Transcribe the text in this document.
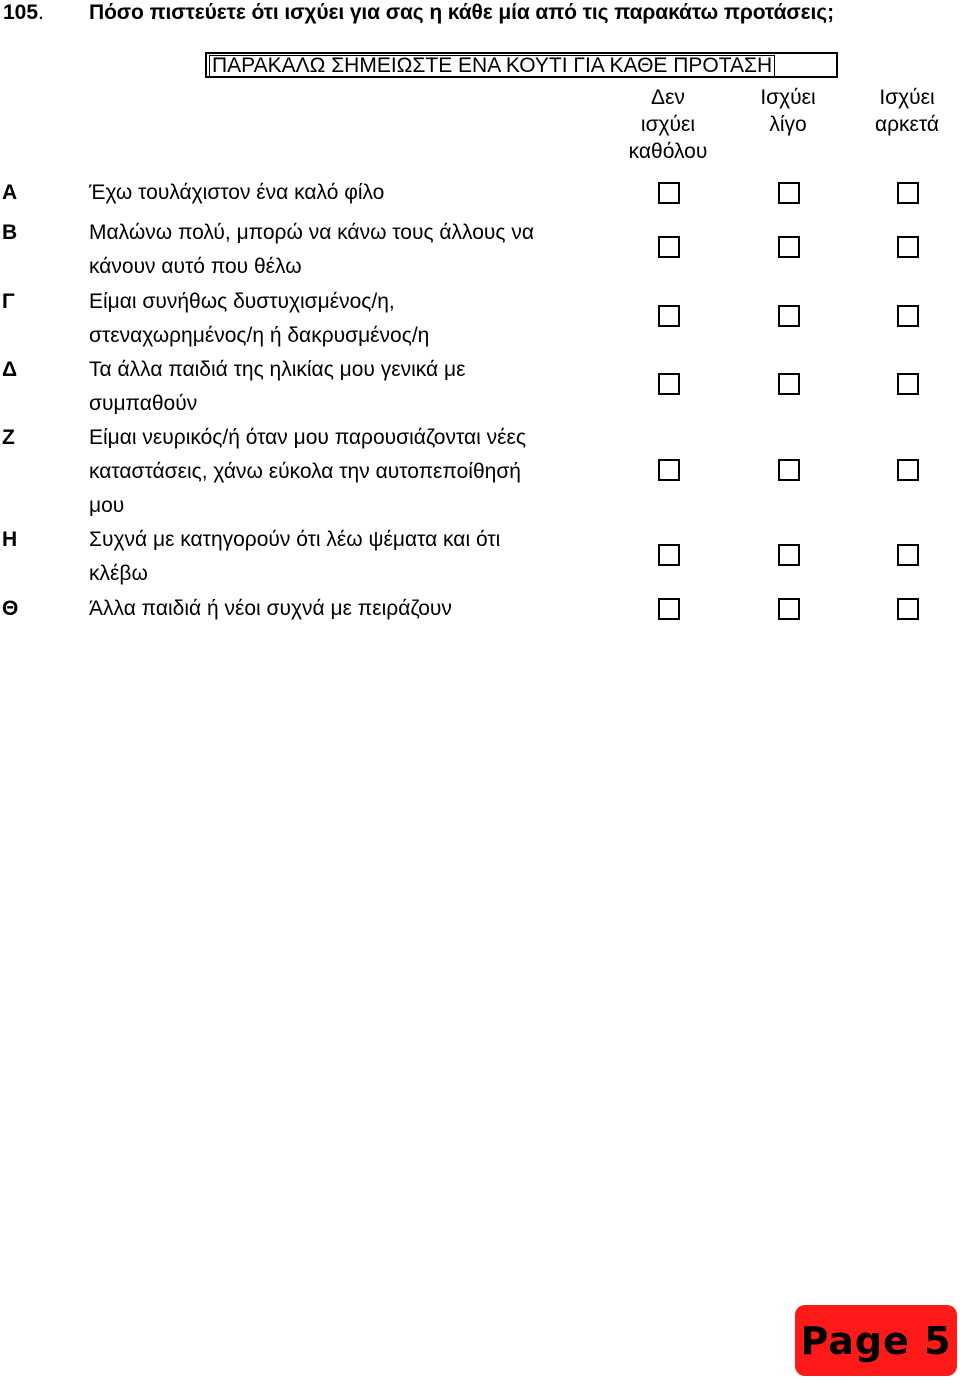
105. Πόσο πιστεύετε ότι ισχύει για σας η κάθε μία από τις παρακάτω προτάσεις;
ΠΑΡΑΚΑΛΩ ΣΗΜΕΙΩΣΤΕ ΕΝΑ ΚΟΥΤΙ ΓΙΑ ΚΑΘΕ ΠΡΟΤΑΣΗ
Δεν
ισχύει
καθόλου
Ισχύει
λίγο
Ισχύει
αρκετά
Α	Έχω τουλάχιστον ένα καλό φίλο
Β	Μαλώνω πολύ, μπορώ να κάνω τους άλλους να
κάνουν αυτό που θέλω
Γ	Είμαι συνήθως δυστυχισμένος/η,
στεναχωρημένος/η ή δακρυσμένος/η
Δ	Τα άλλα παιδιά της ηλικίας μου γενικά με
συμπαθούν
Ζ	Είμαι νευρικός/ή όταν μου παρουσιάζονται νέες
καταστάσεις, χάνω εύκολα την αυτοπεποίθησή
μου
Η	Συχνά με κατηγορούν ότι λέω ψέματα και ότι
κλέβω
Θ	Άλλα παιδιά ή νέοι συχνά με πειράζουν
Page 5
